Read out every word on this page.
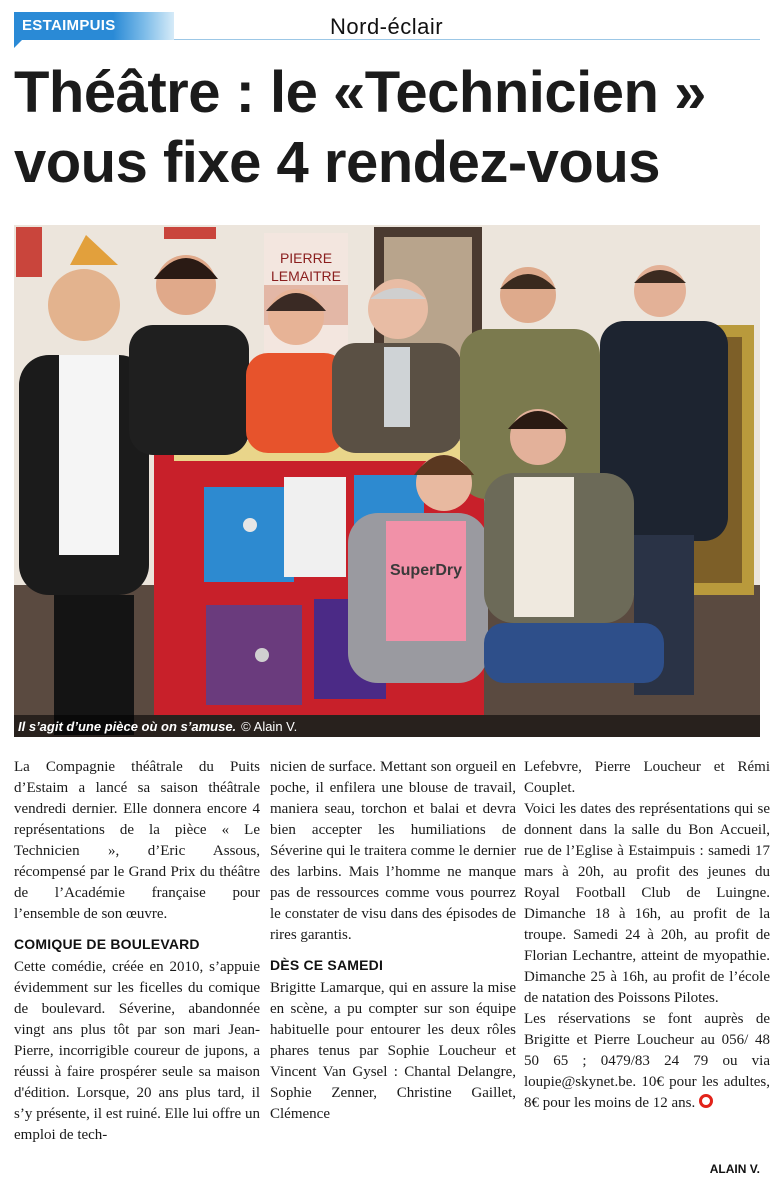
ESTAIMPUIS	Nord-éclair
Théâtre : le «Technicien » vous fixe 4 rendez-vous
PIERRE
LEMAITRE
SuperDry
Il s’agit d’une pièce où on s’amuse. © Alain V.

La Compagnie théâtrale du Puits d’Estaim a lancé sa saison théâtrale vendredi dernier. Elle donnera encore 4 représentations de la pièce « Le Technicien », d’Eric Assous, récompensé par le Grand Prix du théâtre de l’Académie française pour l’ensemble de son œuvre.

COMIQUE DE BOULEVARD

Cette comédie, créée en 2010, s’appuie évidemment sur les ficelles du comique de boulevard. Séverine, abandonnée vingt ans plus tôt par son mari Jean-Pierre, incorrigible coureur de jupons, a réussi à faire prospérer seule sa maison d'édition. Lorsque, 20 ans plus tard, il s’y présente, il est ruiné. Elle lui offre un emploi de tech-

nicien de surface. Mettant son orgueil en poche, il enfilera une blouse de travail, maniera seau, torchon et balai et devra bien accepter les humiliations de Séverine qui le traitera comme le dernier des larbins. Mais l’homme ne manque pas de ressources comme vous pourrez le constater de visu dans des épisodes de rires garantis.

DÈS CE SAMEDI

Brigitte Lamarque, qui en assure la mise en scène, a pu compter sur son équipe habituelle pour entourer les deux rôles phares tenus par Sophie Loucheur et Vincent Van Gysel : Chantal Delangre, Sophie Zenner, Christine Gaillet, Clémence

Lefebvre, Pierre Loucheur et Rémi Couplet.

Voici les dates des représentations qui se donnent dans la salle du Bon Accueil, rue de l’Eglise à Estaimpuis : samedi 17 mars à 20h, au profit des jeunes du Royal Football Club de Luingne. Dimanche 18 à 16h, au profit de la troupe. Samedi 24 à 20h, au profit de Florian Lechantre, atteint de myopathie. Dimanche 25 à 16h, au profit de l’école de natation des Poissons Pilotes.

Les réservations se font auprès de Brigitte et Pierre Loucheur au 056/ 48 50 65 ; 0479/83 24 79 ou via loupie@skynet.be. 10€ pour les adultes, 8€ pour les moins de 12 ans.

ALAIN V.
